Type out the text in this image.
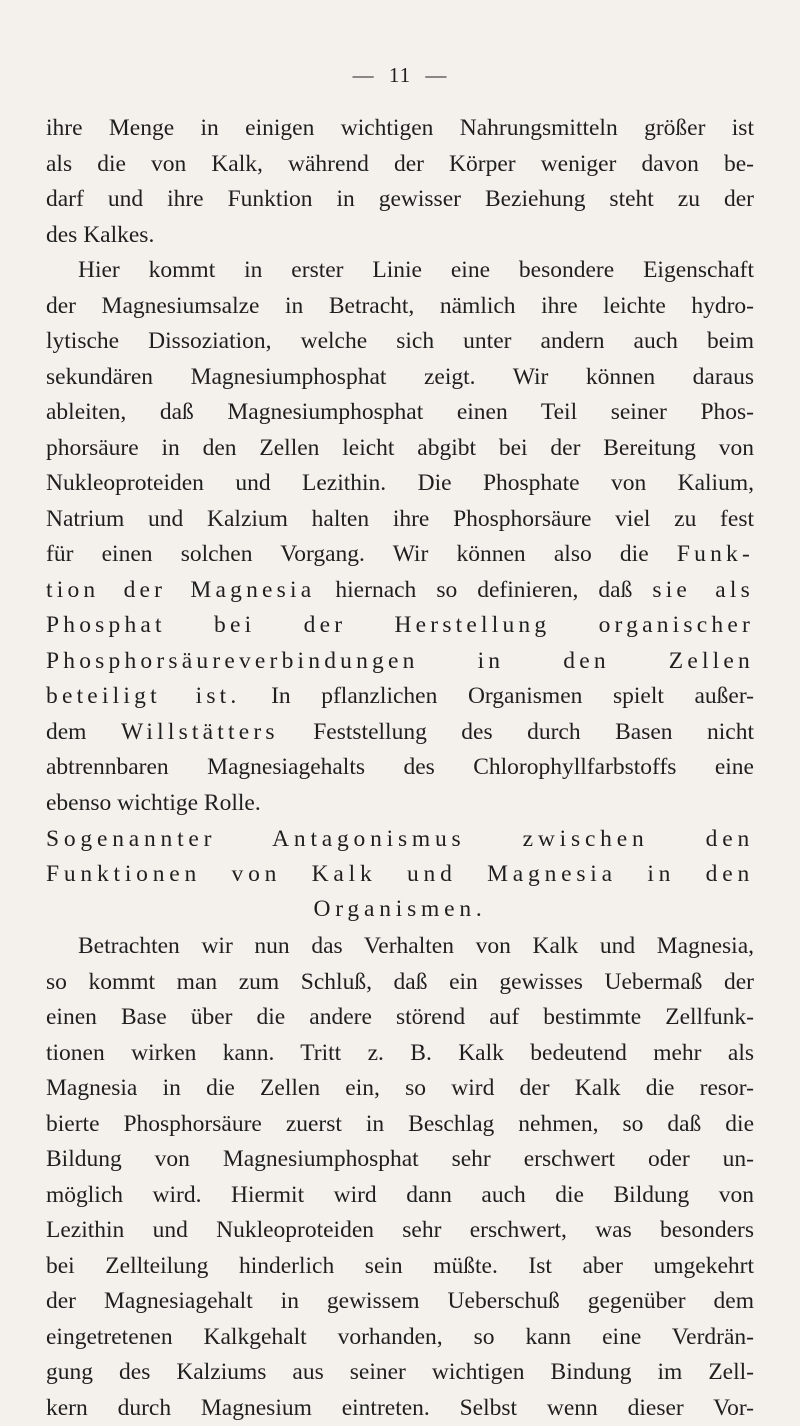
— 11 —
ihre Menge in einigen wichtigen Nahrungsmitteln größer ist
als die von Kalk, während der Körper weniger davon be-
darf und ihre Funktion in gewisser Beziehung steht zu der
des Kalkes.
Hier kommt in erster Linie eine besondere Eigenschaft
der Magnesiumsalze in Betracht, nämlich ihre leichte hydro-
lytische Dissoziation, welche sich unter andern auch beim
sekundären Magnesiumphosphat zeigt. Wir können daraus
ableiten, daß Magnesiumphosphat einen Teil seiner Phos-
phorsäure in den Zellen leicht abgibt bei der Bereitung von
Nukleoproteiden und Lezithin. Die Phosphate von Kalium,
Natrium und Kalzium halten ihre Phosphorsäure viel zu fest
für einen solchen Vorgang. Wir können also die Funk-
tion der Magnesia hiernach so definieren, daß sie als
Phosphat bei der Herstellung organischer
Phosphorsäureverbindungen in den Zellen
beteiligt ist. In pflanzlichen Organismen spielt außer-
dem Willstätters Feststellung des durch Basen nicht
abtrennbaren Magnesiagehalts des Chlorophyllfarbstoffs eine
ebenso wichtige Rolle.
Sogenannter Antagonismus zwischen den
Funktionen von Kalk und Magnesia in den
Organismen.
Betrachten wir nun das Verhalten von Kalk und Magnesia,
so kommt man zum Schluß, daß ein gewisses Uebermaß der
einen Base über die andere störend auf bestimmte Zellfunk-
tionen wirken kann. Tritt z. B. Kalk bedeutend mehr als
Magnesia in die Zellen ein, so wird der Kalk die resor-
bierte Phosphorsäure zuerst in Beschlag nehmen, so daß die
Bildung von Magnesiumphosphat sehr erschwert oder un-
möglich wird. Hiermit wird dann auch die Bildung von
Lezithin und Nukleoproteiden sehr erschwert, was besonders
bei Zellteilung hinderlich sein müßte. Ist aber umgekehrt
der Magnesiagehalt in gewissem Ueberschuß gegenüber dem
eingetretenen Kalkgehalt vorhanden, so kann eine Verdrän-
gung des Kalziums aus seiner wichtigen Bindung im Zell-
kern durch Magnesium eintreten. Selbst wenn dieser Vor-
